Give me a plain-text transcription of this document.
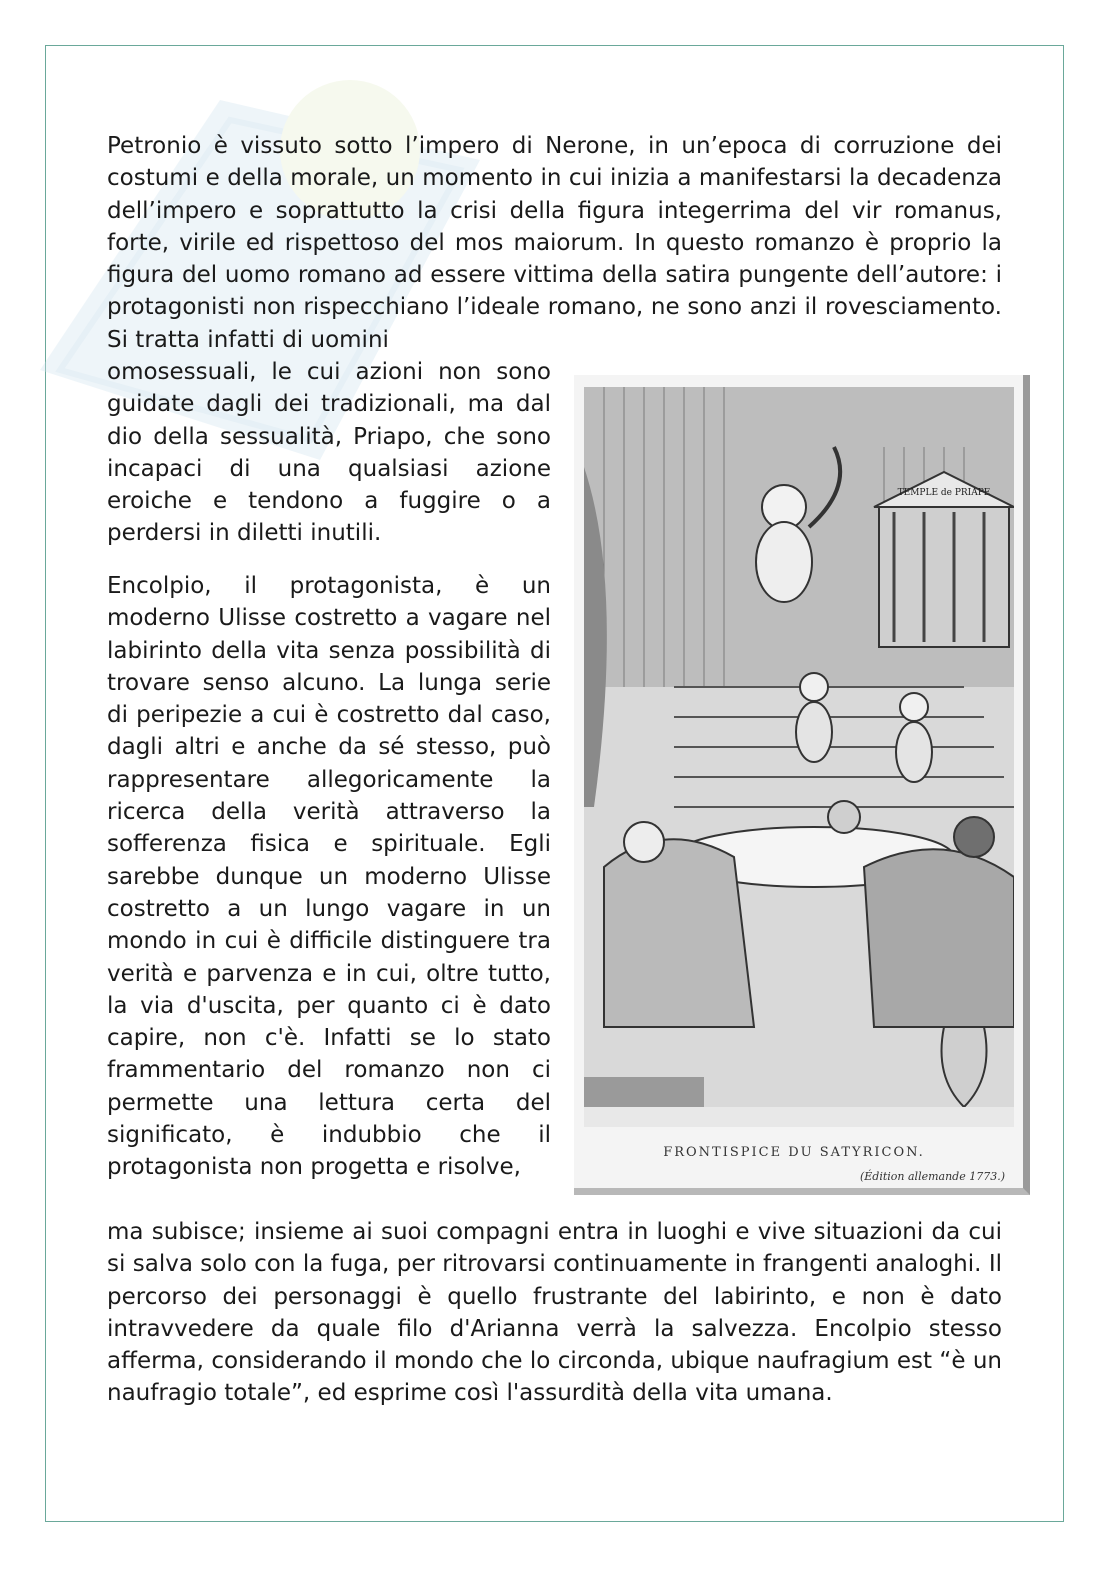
Petronio è vissuto sotto l’impero di Nerone, in un’epoca di corruzione dei costumi e della morale, un momento in cui inizia a manifestarsi la decadenza dell’impero e soprattutto la crisi della figura integerrima del vir romanus, forte, virile ed rispettoso del mos maiorum. In questo romanzo è proprio la figura del uomo romano ad essere vittima della satira pungente dell’autore: i protagonisti non rispecchiano l’ideale romano, ne sono anzi il rovesciamento. Si tratta infatti di uomini

omosessuali, le cui azioni non sono guidate dagli dei tradizionali, ma dal dio della sessualità, Priapo, che sono incapaci di una qualsiasi azione eroiche e tendono a fuggire o a perdersi in diletti inutili.

Encolpio, il protagonista, è un moderno Ulisse costretto a vagare nel labirinto della vita senza possibilità di trovare senso alcuno. La lunga serie di peripezie a cui è costretto dal caso, dagli altri e anche da sé stesso, può rappresentare allegoricamente la ricerca della verità attraverso la sofferenza fisica e spirituale. Egli sarebbe dunque un moderno Ulisse costretto a un lungo vagare in un mondo in cui è difficile distinguere tra verità e parvenza e in cui, oltre tutto, la via d'uscita, per quanto ci è dato capire, non c'è. Infatti se lo stato frammentario del romanzo non ci permette una lettura certa del significato, è indubbio che il protagonista non progetta e risolve,

ma subisce; insieme ai suoi compagni entra in luoghi e vive situazioni da cui si salva solo con la fuga, per ritrovarsi continuamente in frangenti analoghi. Il percorso dei personaggi è quello frustrante del labirinto, e non è dato intravvedere da quale filo d'Arianna verrà la salvezza. Encolpio stesso afferma, considerando il mondo che lo circonda, ubique naufragium est “è un naufragio totale”, ed esprime così l'assurdità della vita umana.

TEMPLE de PRIAPE
FRONTISPICE DU SATYRICON.
(Édition allemande 1773.)
